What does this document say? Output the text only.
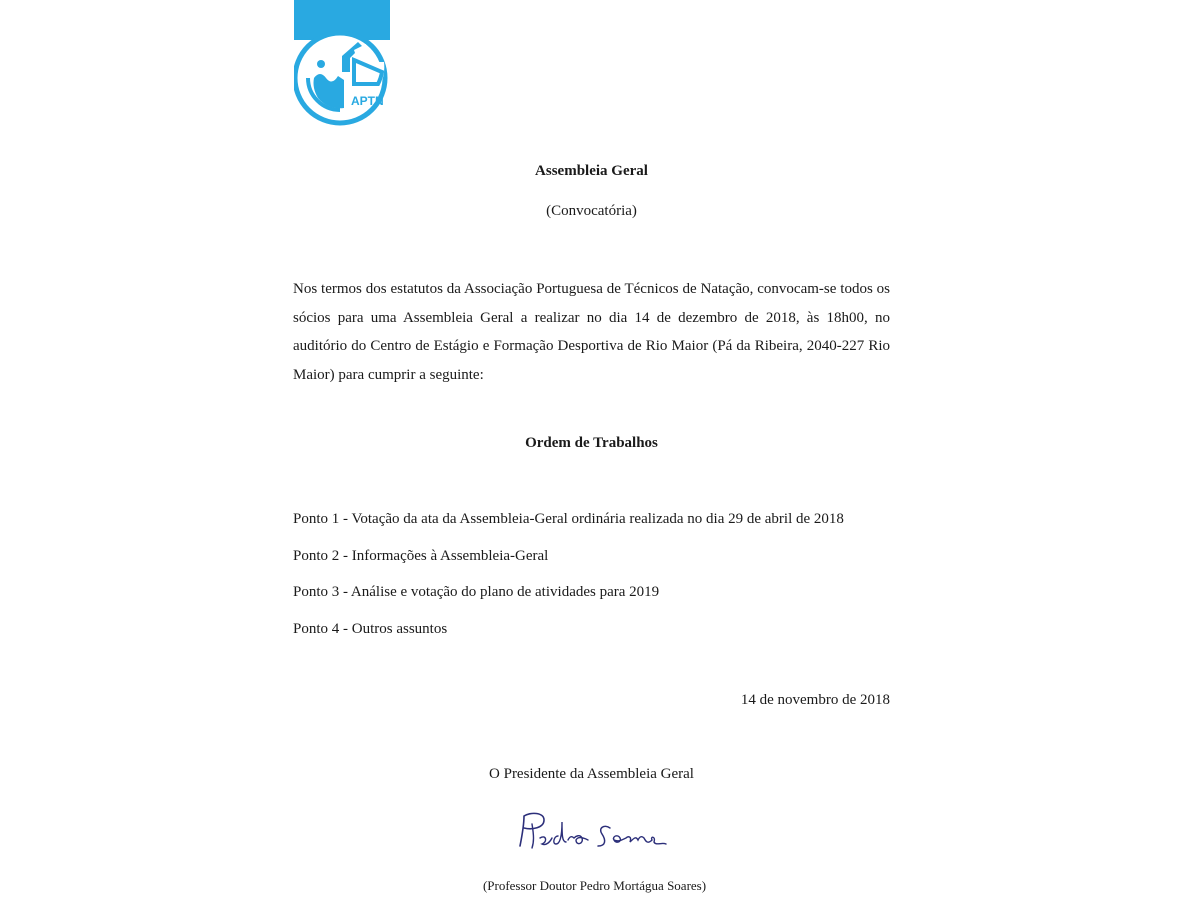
APTN
Assembleia Geral
(Convocatória)
Nos termos dos estatutos da Associação Portuguesa de Técnicos de Natação, convocam-se todos os sócios para uma Assembleia Geral a realizar no dia 14 de dezembro de 2018, às 18h00, no auditório do Centro de Estágio e Formação Desportiva de Rio Maior (Pá da Ribeira, 2040-227 Rio Maior) para cumprir a seguinte:
Ordem de Trabalhos
Ponto 1 - Votação da ata da Assembleia-Geral ordinária realizada no dia 29 de abril de 2018
Ponto 2 - Informações à Assembleia-Geral
Ponto 3 - Análise e votação do plano de atividades para 2019
Ponto 4 - Outros assuntos
14 de novembro de 2018
O Presidente da Assembleia Geral
(Professor Doutor Pedro Mortágua Soares)
